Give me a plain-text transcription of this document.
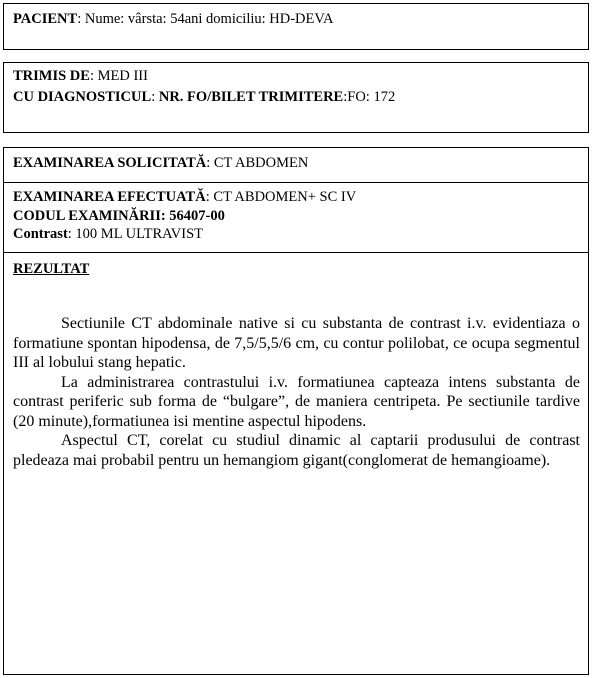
PACIENT: Nume: vârsta: 54ani domiciliu: HD-DEVA
TRIMIS DE: MED III
CU DIAGNOSTICUL: NR. FO/BILET TRIMITERE:FO: 172
EXAMINAREA SOLICITATĂ: CT ABDOMEN
EXAMINAREA EFECTUATĂ: CT ABDOMEN+ SC IV
CODUL EXAMINĂRII: 56407-00
Contrast: 100 ML ULTRAVIST
REZULTAT

Sectiunile CT abdominale native si cu substanta de contrast i.v. evidentiaza o formatiune spontan hipodensa, de 7,5/5,5/6 cm, cu contur polilobat, ce ocupa segmentul III al lobului stang hepatic.

La administrarea contrastului i.v. formatiunea capteaza intens substanta de contrast periferic sub forma de “bulgare”, de maniera centripeta. Pe sectiunile tardive (20 minute),formatiunea isi mentine aspectul hipodens.

Aspectul CT, corelat cu studiul dinamic al captarii produsului de contrast pledeaza mai probabil pentru un hemangiom gigant(conglomerat de hemangioame).
